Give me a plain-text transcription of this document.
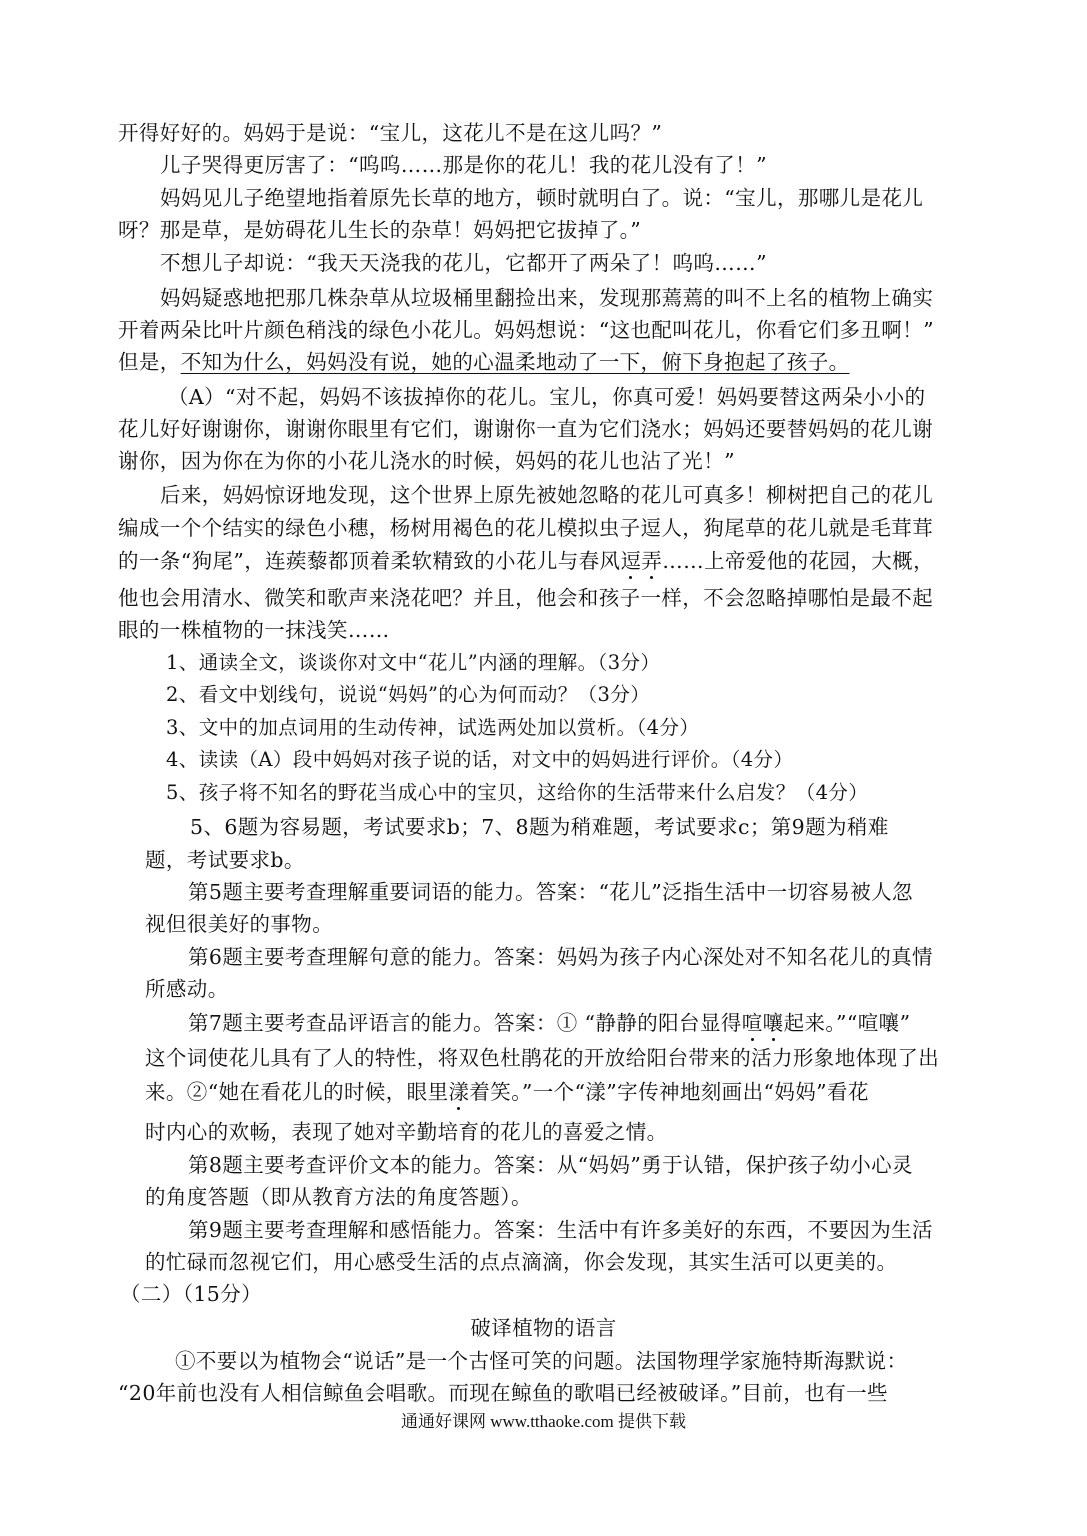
开得好好的。妈妈于是说：“宝儿，这花儿不是在这儿吗？”
儿子哭得更厉害了：“呜呜……那是你的花儿！我的花儿没有了！”
妈妈见儿子绝望地指着原先长草的地方，顿时就明白了。说：“宝儿，那哪儿是花儿
呀？那是草，是妨碍花儿生长的杂草！妈妈把它拔掉了。”
不想儿子却说：“我天天浇我的花儿，它都开了两朵了！呜呜……”
妈妈疑惑地把那几株杂草从垃圾桶里翻捡出来，发现那蔫蔫的叫不上名的植物上确实
开着两朵比叶片颜色稍浅的绿色小花儿。妈妈想说：“这也配叫花儿，你看它们多丑啊！”
但是，不知为什么，妈妈没有说，她的心温柔地动了一下，俯下身抱起了孩子。
（A）“对不起，妈妈不该拔掉你的花儿。宝儿，你真可爱！妈妈要替这两朵小小的
花儿好好谢谢你，谢谢你眼里有它们，谢谢你一直为它们浇水；妈妈还要替妈妈的花儿谢
谢你，因为你在为你的小花儿浇水的时候，妈妈的花儿也沾了光！”
后来，妈妈惊讶地发现，这个世界上原先被她忽略的花儿可真多！柳树把自己的花儿
编成一个个结实的绿色小穗，杨树用褐色的花儿模拟虫子逗人，狗尾草的花儿就是毛茸茸
的一条“狗尾”，连蒺藜都顶着柔软精致的小花儿与春风逗弄……上帝爱他的花园，大概，
他也会用清水、微笑和歌声来浇花吧？并且，他会和孩子一样，不会忽略掉哪怕是最不起
眼的一株植物的一抹浅笑……
1、通读全文，谈谈你对文中“花儿”内涵的理解。（3分）
2、看文中划线句，说说“妈妈”的心为何而动？（3分）
3、文中的加点词用的生动传神，试选两处加以赏析。（4分）
4、读读（A）段中妈妈对孩子说的话，对文中的妈妈进行评价。（4分）
5、孩子将不知名的野花当成心中的宝贝，这给你的生活带来什么启发？（4分）
5、6题为容易题，考试要求b；7、8题为稍难题，考试要求c；第9题为稍难
题，考试要求b。
第5题主要考查理解重要词语的能力。答案：“花儿”泛指生活中一切容易被人忽
视但很美好的事物。
第6题主要考查理解句意的能力。答案：妈妈为孩子内心深处对不知名花儿的真情
所感动。
第7题主要考查品评语言的能力。答案：① “静静的阳台显得喧嚷起来。”“喧嚷”
这个词使花儿具有了人的特性，将双色杜鹃花的开放给阳台带来的活力形象地体现了出
来。②“她在看花儿的时候，眼里漾着笑。”一个“漾”字传神地刻画出“妈妈”看花
时内心的欢畅，表现了她对辛勤培育的花儿的喜爱之情。
第8题主要考查评价文本的能力。答案：从“妈妈”勇于认错，保护孩子幼小心灵
的角度答题（即从教育方法的角度答题）。
第9题主要考查理解和感悟能力。答案：生活中有许多美好的东西，不要因为生活
的忙碌而忽视它们，用心感受生活的点点滴滴，你会发现，其实生活可以更美的。
（二）（15分）
破译植物的语言
①不要以为植物会“说话”是一个古怪可笑的问题。法国物理学家施特斯海默说：
“20年前也没有人相信鲸鱼会唱歌。而现在鲸鱼的歌唱已经被破译。”目前，也有一些
通通好课网 www.tthaoke.com 提供下载
